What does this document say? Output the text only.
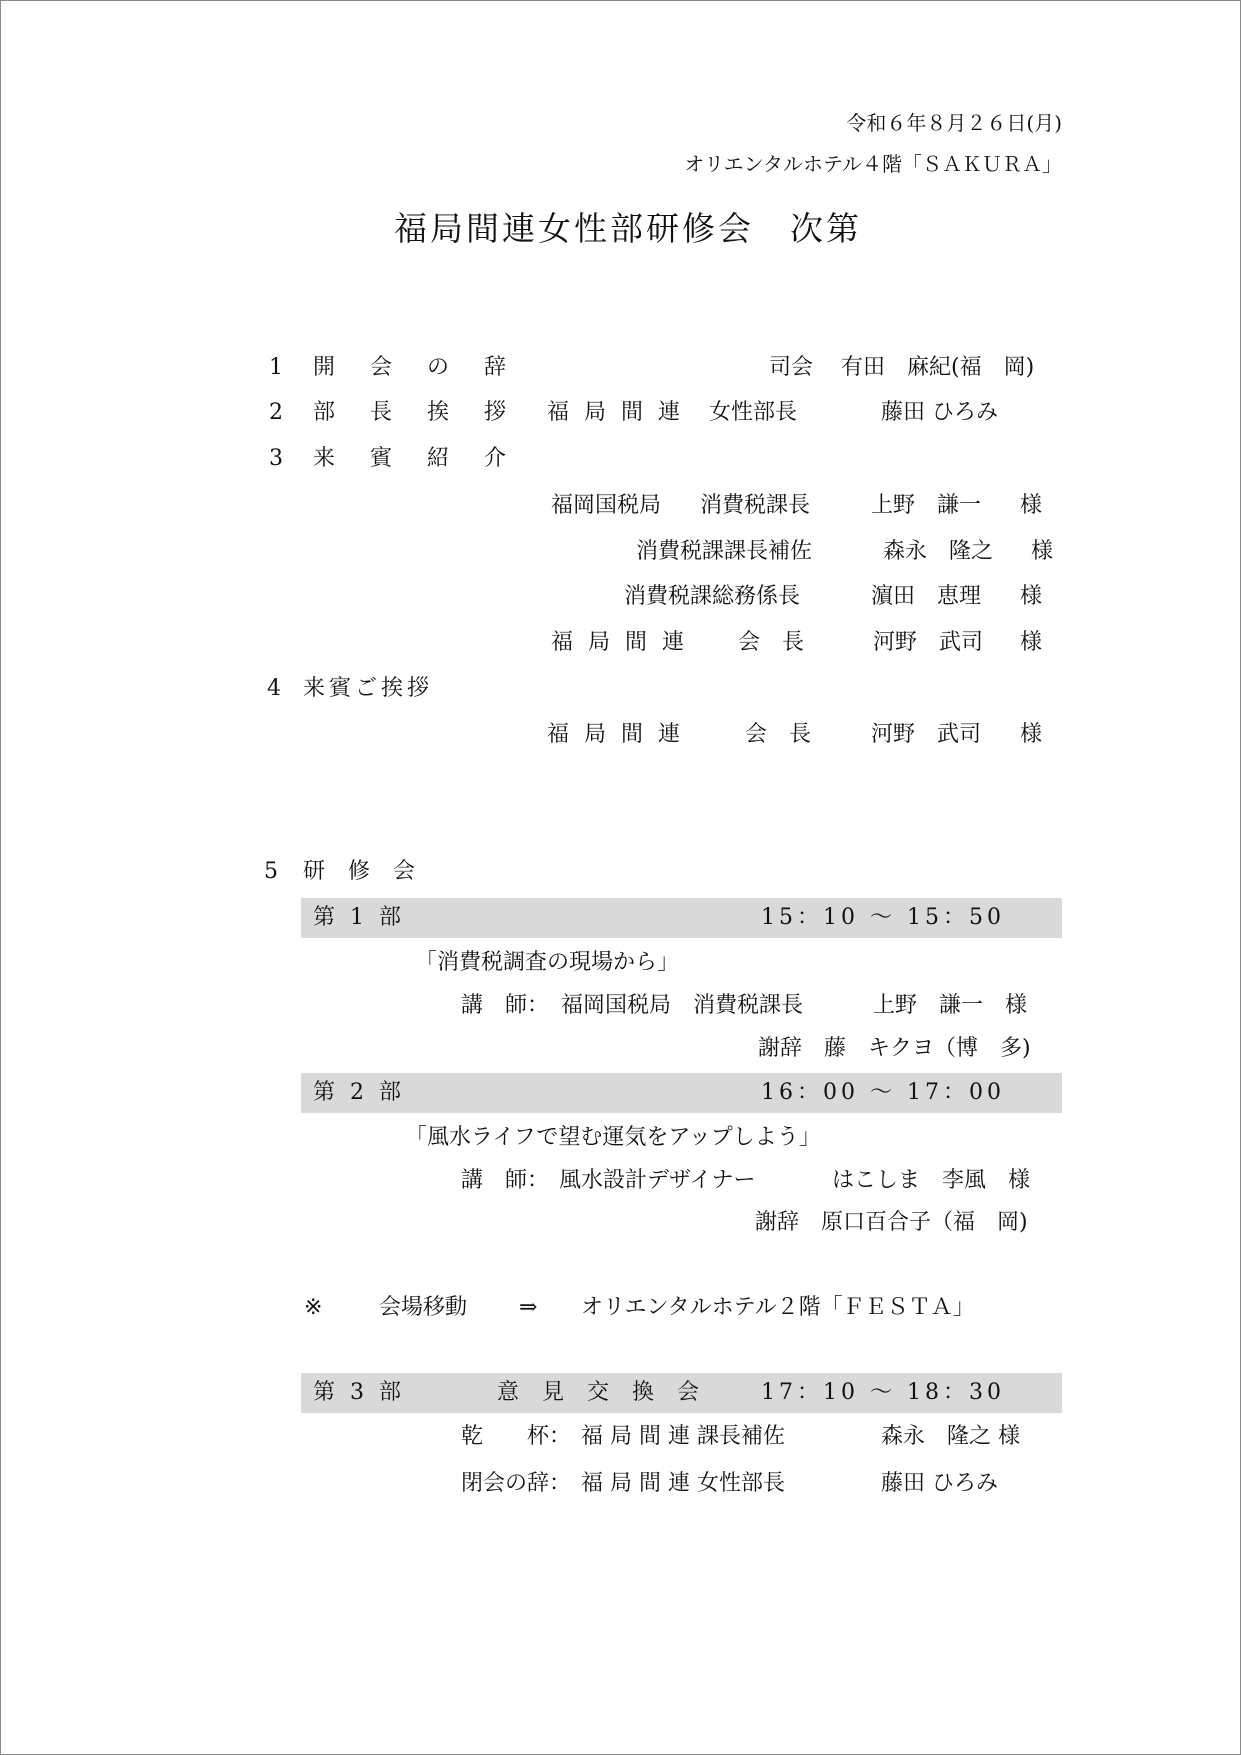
令和６年８月２６日(月)
オリエンタルホテル４階「ＳＡＫＵＲＡ」
福局間連女性部研修会　次第
1 開 会 の 辞	司会 有田　麻紀(福　岡)
2 部 長 挨 拶 福 局 間 連 女性部長	藤田 ひろみ
3 来 賓 紹 介
福岡国税局 消費税課長	上野　謙一 様
消費税課課長補佐	森永　隆之 様
消費税課総務係長	濵田　恵理 様
福 局 間 連 会　長	河野　武司 様
4 来賓ご挨拶
福 局 間 連	会　長	河野　武司 様
5 研 修 会
第 1 部	15：10 ～ 15：50
「消費税調査の現場から」
講　師： 福岡国税局　消費税課長	上野　謙一　様
謝辞　藤　キクヨ（博　多)
第 2 部	16：00 ～ 17：00
「風水ライフで望む運気をアップしよう」
講　師： 風水設計デザイナー	はこしま　李風　様
謝辞　原口百合子（福　岡)
※	会場移動 ⇒ オリエンタルホテル２階「ＦＥＳＴＡ」
第 3 部	意 見 交 換 会 17：10 ～ 18：30
乾　　杯： 福 局 間 連 課長補佐	森永　隆之 様
閉会の辞： 福 局 間 連 女性部長	藤田 ひろみ
